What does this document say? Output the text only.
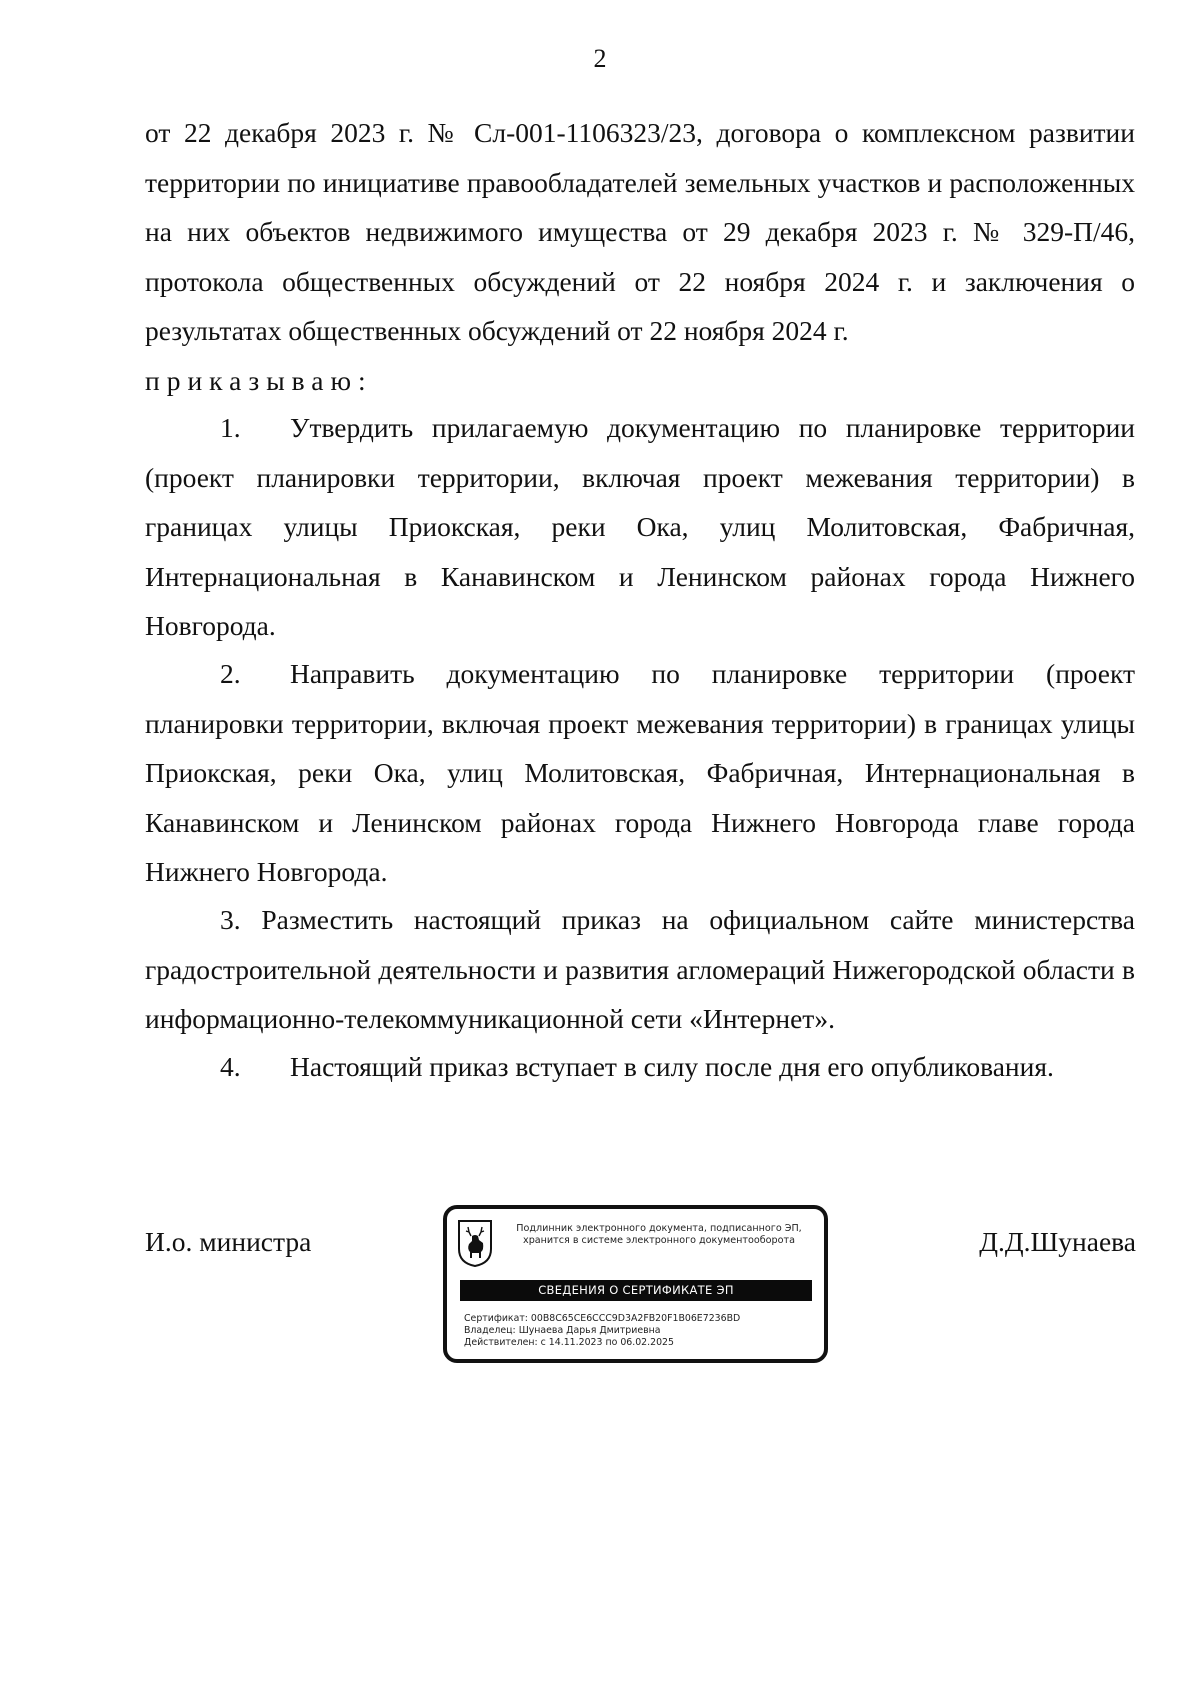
2
от 22 декабря 2023 г. № Сл-001-1106323/23, договора о комплексном развитии территории по инициативе правообладателей земельных участков и расположенных на них объектов недвижимого имущества от 29 декабря 2023 г. № 329-П/46, протокола общественных обсуждений от 22 ноября 2024 г. и заключения о результатах общественных обсуждений от 22 ноября 2024 г.
приказываю:
1. Утвердить прилагаемую документацию по планировке территории (проект планировки территории, включая проект межевания территории) в границах улицы Приокская, реки Ока, улиц Молитовская, Фабричная, Интернациональная в Канавинском и Ленинском районах города Нижнего Новгорода.
2. Направить документацию по планировке территории (проект планировки территории, включая проект межевания территории) в границах улицы Приокская, реки Ока, улиц Молитовская, Фабричная, Интернациональная в Канавинском и Ленинском районах города Нижнего Новгорода главе города Нижнего Новгорода.
3. Разместить настоящий приказ на официальном сайте министерства градостроительной деятельности и развития агломераций Нижегородской области в информационно-телекоммуникационной сети «Интернет».
4. Настоящий приказ вступает в силу после дня его опубликования.
И.о. министра	Подлинник электронного документа, подписанного ЭП,
хранится в системе электронного документооборота
СВЕДЕНИЯ О СЕРТИФИКАТЕ ЭП
Сертификат: 00B8C65CE6CCC9D3A2FB20F1B06E7236BD
Владелец: Шунаева Дарья Дмитриевна
Действителен: с 14.11.2023 по 06.02.2025
Д.Д.Шунаева
